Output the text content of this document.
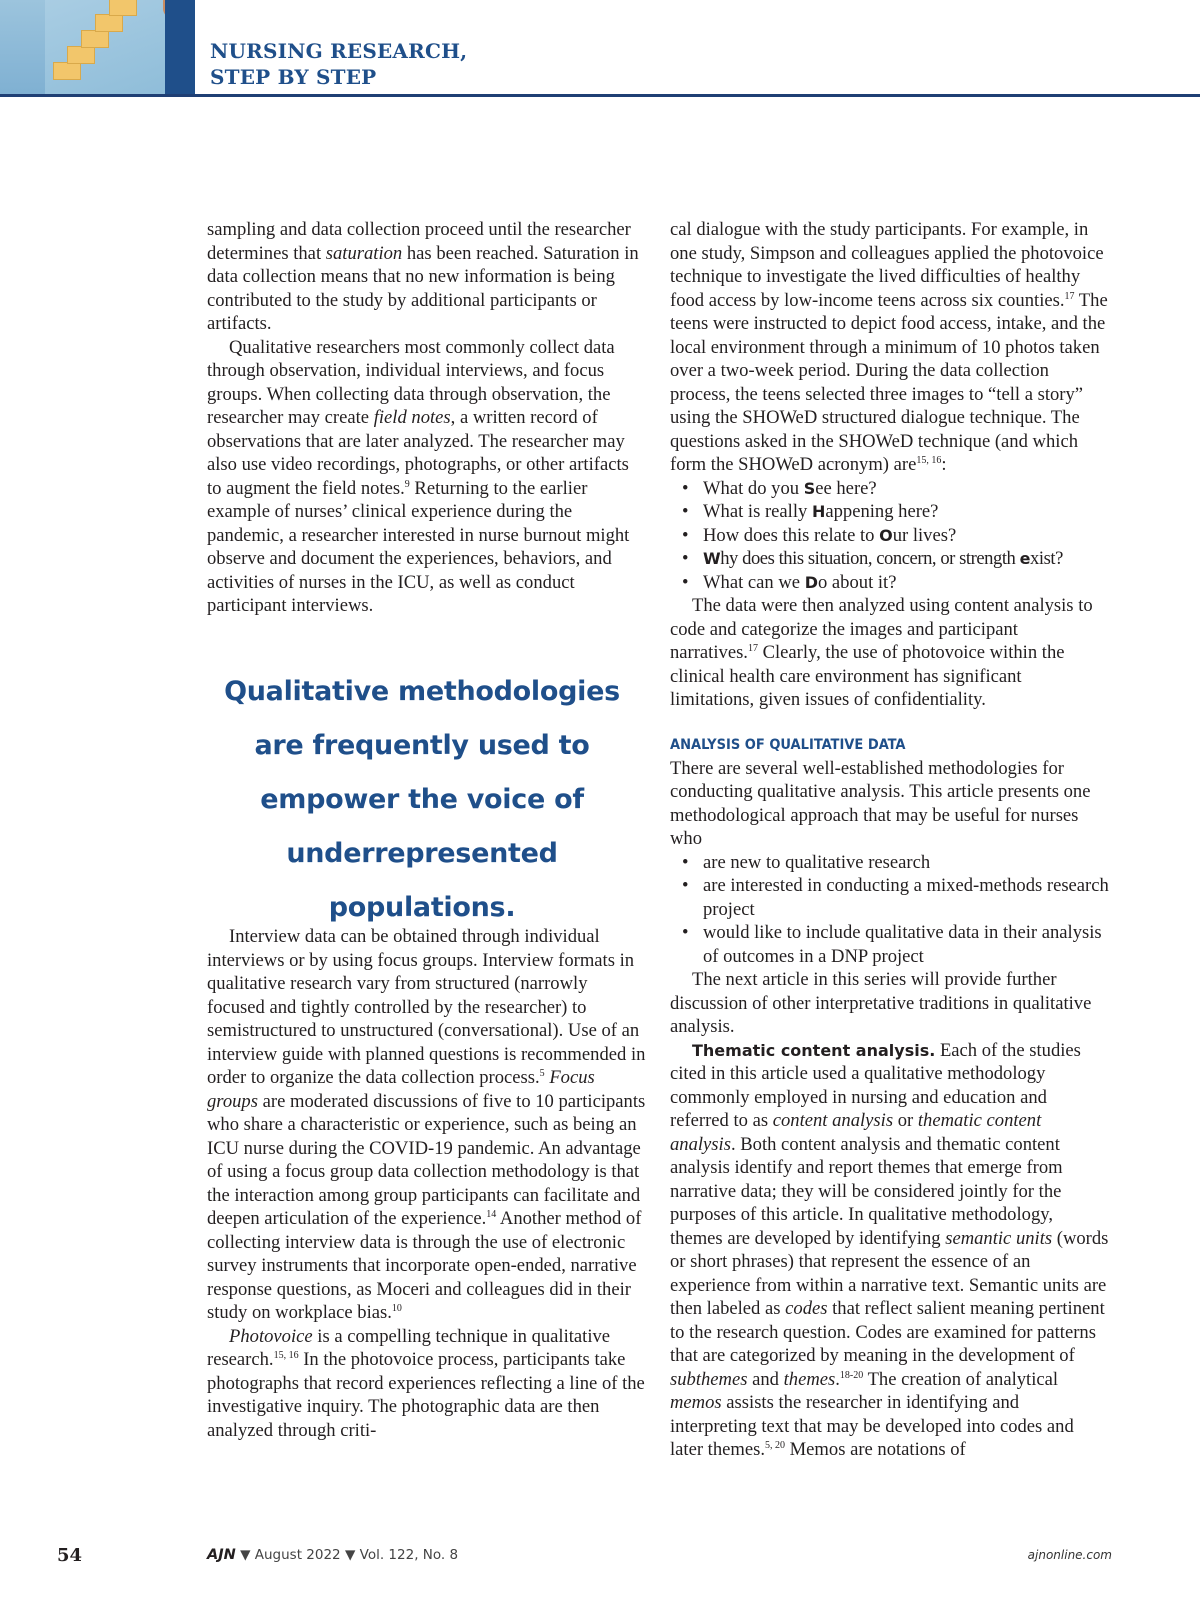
NURSING RESEARCH,
STEP BY STEP

sampling and data collection proceed until the researcher determines that saturation has been reached. Saturation in data collection means that no new information is being contributed to the study by additional participants or artifacts.

Qualitative researchers most commonly collect data through observation, individual interviews, and focus groups. When collecting data through observation, the researcher may create field notes, a written record of observations that are later analyzed. The researcher may also use video recordings, photographs, or other artifacts to augment the field notes.$^9$ Returning to the earlier example of nurses’ clinical experience during the pandemic, a researcher interested in nurse burnout might observe and document the experiences, behaviors, and activities of nurses in the ICU, as well as conduct participant interviews.

Qualitative methodologies
are frequently used to
empower the voice of
underrepresented populations.

Interview data can be obtained through individual interviews or by using focus groups. Interview formats in qualitative research vary from structured (narrowly focused and tightly controlled by the researcher) to semistructured to unstructured (conversational). Use of an interview guide with planned questions is recommended in order to organize the data collection process.$^5$ Focus groups are moderated discussions of five to 10 participants who share a characteristic or experience, such as being an ICU nurse during the COVID-19 pandemic. An advantage of using a focus group data collection methodology is that the interaction among group participants can facilitate and deepen articulation of the experience.$^{14}$ Another method of collecting interview data is through the use of electronic survey instruments that incorporate open-ended, narrative response questions, as Moceri and colleagues did in their study on workplace bias.$^{10}$

Photovoice is a compelling technique in qualitative research.$^{15, 16}$ In the photovoice process, participants take photographs that record experiences reflecting a line of the investigative inquiry. The photographic data are then analyzed through criti-

cal dialogue with the study participants. For example, in one study, Simpson and colleagues applied the photovoice technique to investigate the lived difficulties of healthy food access by low-income teens across six counties.$^{17}$ The teens were instructed to depict food access, intake, and the local environment through a minimum of 10 photos taken over a two-week period. During the data collection process, the teens selected three images to “tell a story” using the SHOWeD structured dialogue technique. The questions asked in the SHOWeD technique (and which form the SHOWeD acronym) are$^{15, 16}$:

• What do you See here?
• What is really Happening here?
• How does this relate to Our lives?
• Why does this situation, concern, or strength exist?
• What can we Do about it?

The data were then analyzed using content analysis to code and categorize the images and participant narratives.$^{17}$ Clearly, the use of photovoice within the clinical health care environment has significant limitations, given issues of confidentiality.

ANALYSIS OF QUALITATIVE DATA

There are several well-established methodologies for conducting qualitative analysis. This article presents one methodological approach that may be useful for nurses who

• are new to qualitative research
• are interested in conducting a mixed-methods research project
• would like to include qualitative data in their analysis of outcomes in a DNP project

The next article in this series will provide further discussion of other interpretative traditions in qualitative analysis.

Thematic content analysis. Each of the studies cited in this article used a qualitative methodology commonly employed in nursing and education and referred to as content analysis or thematic content analysis. Both content analysis and thematic content analysis identify and report themes that emerge from narrative data; they will be considered jointly for the purposes of this article. In qualitative methodology, themes are developed by identifying semantic units (words or short phrases) that represent the essence of an experience from within a narrative text. Semantic units are then labeled as codes that reflect salient meaning pertinent to the research question. Codes are examined for patterns that are categorized by meaning in the development of subthemes and themes.$^{18-20}$ The creation of analytical memos assists the researcher in identifying and interpreting text that may be developed into codes and later themes.$^{5, 20}$ Memos are notations of

54	AJN ▼ August 2022 ▼ Vol. 122, No. 8	ajnonline.com
